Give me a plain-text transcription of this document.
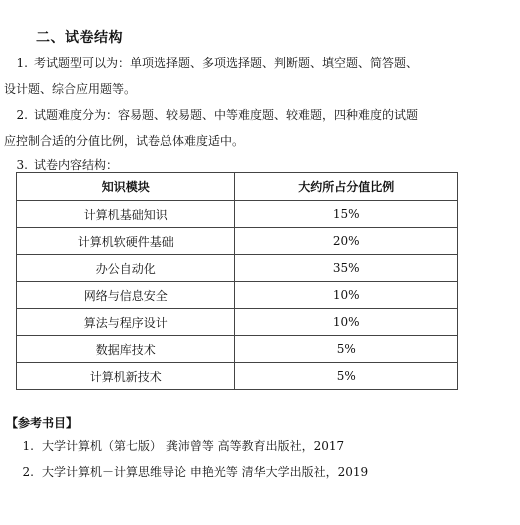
二、试卷结构
1. 考试题型可以为：单项选择题、多项选择题、判断题、填空题、简答题、
设计题、综合应用题等。
2. 试题难度分为：容易题、较易题、中等难度题、较难题，四种难度的试题
应控制合适的分值比例，试卷总体难度适中。
3. 试卷内容结构：
知识模块	大约所占分值比例
计算机基础知识	15%
计算机软硬件基础	20%
办公自动化	35%
网络与信息安全	10%
算法与程序设计	10%
数据库技术	5%
计算机新技术	5%
【参考书目】
1. 大学计算机（第七版） 龚沛曾等 高等教育出版社，2017
2. 大学计算机－计算思维导论 申艳光等 清华大学出版社，2019
